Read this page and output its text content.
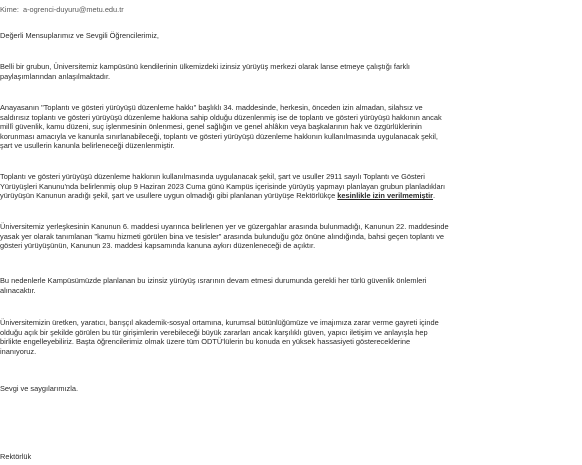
Kime: a-ogrenci-duyuru@metu.edu.tr

Değerli Mensuplarımız ve Sevgili Öğrencilerimiz,

Belli bir grubun, Üniversitemiz kampüsünü kendilerinin ülkemizdeki izinsiz yürüyüş merkezi olarak lanse etmeye çalıştığı farklı
paylaşımlarından anlaşılmaktadır.

Anayasanın "Toplantı ve gösteri yürüyüşü düzenleme hakkı" başlıklı 34. maddesinde, herkesin, önceden izin almadan, silahsız ve
saldırısız toplantı ve gösteri yürüyüşü düzenleme hakkına sahip olduğu düzenlenmiş ise de toplantı ve gösteri yürüyüşü hakkının ancak
millî güvenlik, kamu düzeni, suç işlenmesinin önlenmesi, genel sağlığın ve genel ahlâkın veya başkalarının hak ve özgürlüklerinin
korunması amacıyla ve kanunla sınırlanabileceği, toplantı ve gösteri yürüyüşü düzenleme hakkının kullanılmasında uygulanacak şekil,
şart ve usullerin kanunla belirleneceği düzenlenmiştir.

Toplantı ve gösteri yürüyüşü düzenleme hakkının kullanılmasında uygulanacak şekil, şart ve usuller 2911 sayılı Toplantı ve Gösteri
Yürüyüşleri Kanunu'nda belirlenmiş olup 9 Haziran 2023 Cuma günü Kampüs içerisinde yürüyüş yapmayı planlayan grubun planladıkları
yürüyüşün Kanunun aradığı şekil, şart ve usullere uygun olmadığı gibi planlanan yürüyüşe Rektörlükçe kesinlikle izin verilmemiştir.

Üniversitemiz yerleşkesinin Kanunun 6. maddesi uyarınca belirlenen yer ve güzergahlar arasında bulunmadığı, Kanunun 22. maddesinde
yasak yer olarak tanımlanan "kamu hizmeti görülen bina ve tesisler" arasında bulunduğu göz önüne alındığında, bahsi geçen toplantı ve
gösteri yürüyüşünün, Kanunun 23. maddesi kapsamında kanuna aykırı düzenleneceği de açıktır.

Bu nedenlerle Kampüsümüzde planlanan bu izinsiz yürüyüş ısrarının devam etmesi durumunda gerekli her türlü güvenlik önlemleri
alınacaktır.

Üniversitemizin üretken, yaratıcı, barışçıl akademik-sosyal ortamına, kurumsal bütünlüğümüze ve imajımıza zarar verme gayreti içinde
olduğu açık bir şekilde görülen bu tür girişimlerin verebileceği büyük zararları ancak karşılıklı güven, yapıcı iletişim ve anlayışla hep
birlikte engelleyebiliriz. Başta öğrencilerimiz olmak üzere tüm ODTÜ'lülerin bu konuda en yüksek hassasiyeti göstereceklerine
inanıyoruz.

Sevgi ve saygılarımızla.

Rektörlük
